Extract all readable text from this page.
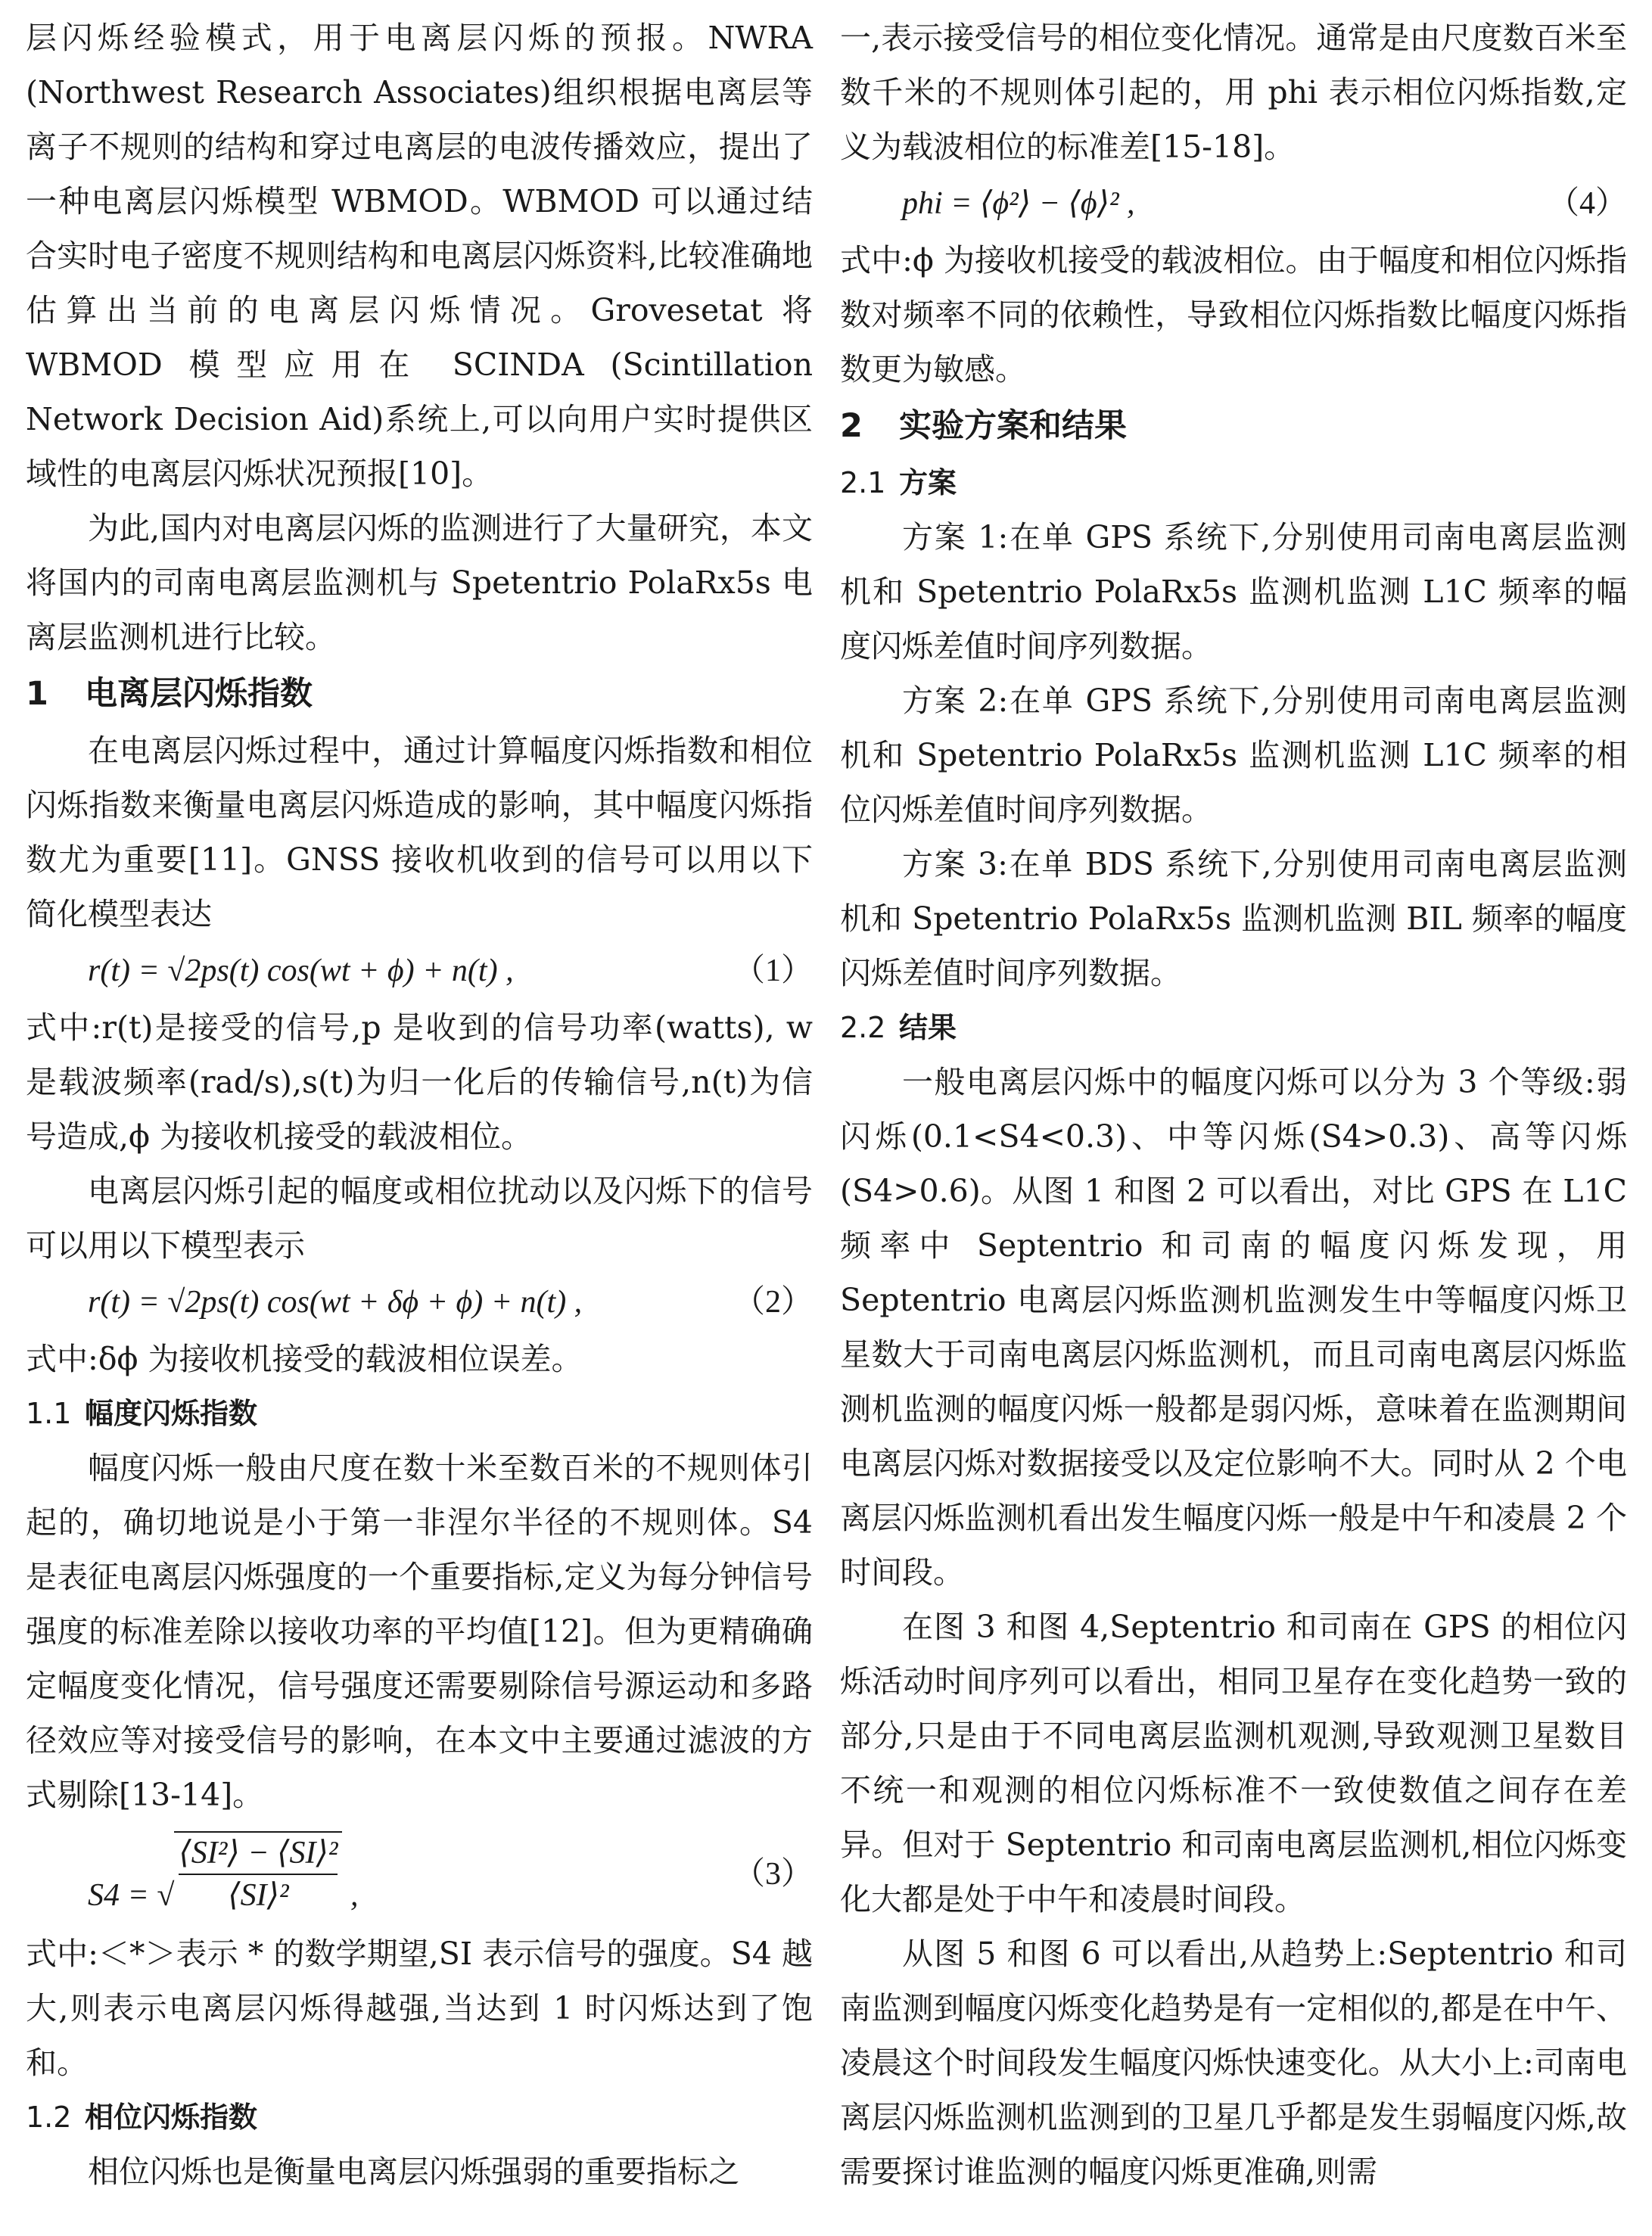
层闪烁经验模式，用于电离层闪烁的预报。NWRA (Northwest Research Associates)组织根据电离层等离子不规则的结构和穿过电离层的电波传播效应，提出了一种电离层闪烁模型 WBMOD。WBMOD 可以通过结合实时电子密度不规则结构和电离层闪烁资料,比较准确地估算出当前的电离层闪烁情况。Grovesetat 将 WBMOD 模型应用在 SCINDA (Scintillation Network Decision Aid)系统上,可以向用户实时提供区域性的电离层闪烁状况预报[10]。

为此,国内对电离层闪烁的监测进行了大量研究，本文将国内的司南电离层监测机与 Spetentrio PolaRx5s 电离层监测机进行比较。

1 电离层闪烁指数

在电离层闪烁过程中，通过计算幅度闪烁指数和相位闪烁指数来衡量电离层闪烁造成的影响，其中幅度闪烁指数尤为重要[11]。GNSS 接收机收到的信号可以用以下简化模型表达

r(t) = √2ps(t) cos(wt + ϕ) + n(t) ,	（1）

式中:r(t)是接受的信号,p 是收到的信号功率(watts), w 是载波频率(rad/s),s(t)为归一化后的传输信号,n(t)为信号造成,ϕ 为接收机接受的载波相位。

电离层闪烁引起的幅度或相位扰动以及闪烁下的信号可以用以下模型表示

r(t) = √2ps(t) cos(wt + δϕ + ϕ) + n(t) ,	（2）

式中:δϕ 为接收机接受的载波相位误差。

1.1 幅度闪烁指数

幅度闪烁一般由尺度在数十米至数百米的不规则体引起的，确切地说是小于第一非涅尔半径的不规则体。S4 是表征电离层闪烁强度的一个重要指标,定义为每分钟信号强度的标准差除以接收功率的平均值[12]。但为更精确确定幅度变化情况，信号强度还需要剔除信号源运动和多路径效应等对接受信号的影响，在本文中主要通过滤波的方式剔除[13-14]。

S4 = √ $\frac{\text{⟨SI²⟩ − ⟨SI⟩²}}{\text{⟨SI⟩²}}$ ,
（3）

式中:＜*＞表示 * 的数学期望,SI 表示信号的强度。S4 越大,则表示电离层闪烁得越强,当达到 1 时闪烁达到了饱和。

1.2 相位闪烁指数

相位闪烁也是衡量电离层闪烁强弱的重要指标之

一,表示接受信号的相位变化情况。通常是由尺度数百米至数千米的不规则体引起的，用 phi 表示相位闪烁指数,定义为载波相位的标准差[15-18]。

phi = ⟨ϕ²⟩ − ⟨ϕ⟩² ,	（4）

式中:ϕ 为接收机接受的载波相位。由于幅度和相位闪烁指数对频率不同的依赖性，导致相位闪烁指数比幅度闪烁指数更为敏感。

2 实验方案和结果
2.1 方案

方案 1:在单 GPS 系统下,分别使用司南电离层监测机和 Spetentrio PolaRx5s 监测机监测 L1C 频率的幅度闪烁差值时间序列数据。

方案 2:在单 GPS 系统下,分别使用司南电离层监测机和 Spetentrio PolaRx5s 监测机监测 L1C 频率的相位闪烁差值时间序列数据。

方案 3:在单 BDS 系统下,分别使用司南电离层监测机和 Spetentrio PolaRx5s 监测机监测 BIL 频率的幅度闪烁差值时间序列数据。

2.2 结果

一般电离层闪烁中的幅度闪烁可以分为 3 个等级:弱闪烁(0.1<S4<0.3)、中等闪烁(S4>0.3)、高等闪烁(S4>0.6)。从图 1 和图 2 可以看出，对比 GPS 在 L1C 频率中 Septentrio 和司南的幅度闪烁发现，用 Septentrio 电离层闪烁监测机监测发生中等幅度闪烁卫星数大于司南电离层闪烁监测机，而且司南电离层闪烁监测机监测的幅度闪烁一般都是弱闪烁，意味着在监测期间电离层闪烁对数据接受以及定位影响不大。同时从 2 个电离层闪烁监测机看出发生幅度闪烁一般是中午和凌晨 2 个时间段。

在图 3 和图 4,Septentrio 和司南在 GPS 的相位闪烁活动时间序列可以看出，相同卫星存在变化趋势一致的部分,只是由于不同电离层监测机观测,导致观测卫星数目不统一和观测的相位闪烁标准不一致使数值之间存在差异。但对于 Septentrio 和司南电离层监测机,相位闪烁变化大都是处于中午和凌晨时间段。

从图 5 和图 6 可以看出,从趋势上:Septentrio 和司南监测到幅度闪烁变化趋势是有一定相似的,都是在中午、凌晨这个时间段发生幅度闪烁快速变化。从大小上:司南电离层闪烁监测机监测到的卫星几乎都是发生弱幅度闪烁,故需要探讨谁监测的幅度闪烁更准确,则需
